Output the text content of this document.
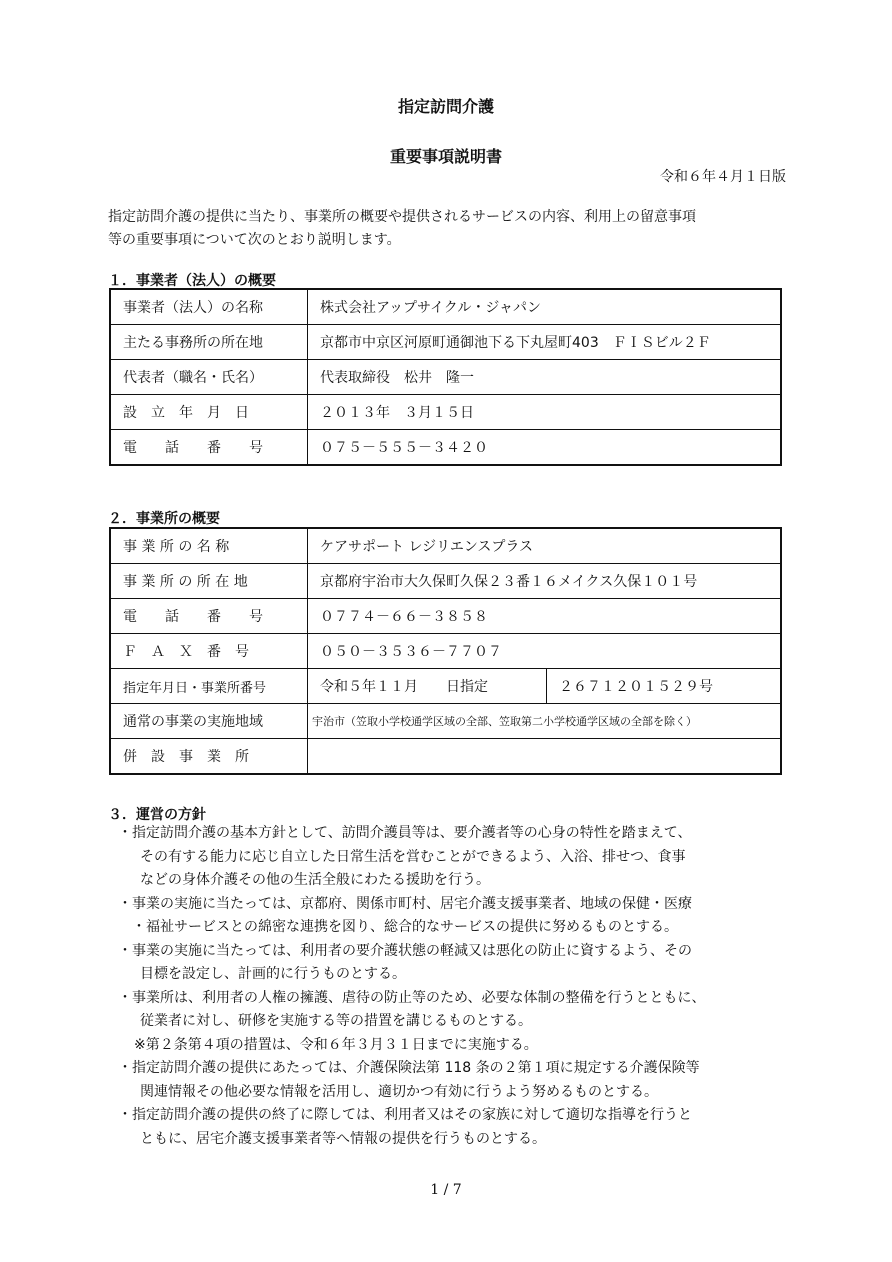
指定訪問介護
重要事項説明書
令和６年４月１日版
指定訪問介護の提供に当たり、事業所の概要や提供されるサービスの内容、利用上の留意事項
等の重要事項について次のとおり説明します。
１．事業者（法人）の概要
事業者（法人）の名称	株式会社アップサイクル・ジャパン
主たる事務所の所在地	京都市中京区河原町通御池下る下丸屋町403　ＦＩＳビル２Ｆ
代表者（職名・氏名）	代表取締役　松井　隆一
設　立　年　月　日	２０１３年　３月１５日
電　　話　　番　　号	０７５－５５５－３４２０
２．事業所の概要
事 業 所 の 名 称	ケアサポート レジリエンスプラス	
事 業 所 の 所 在 地	京都府宇治市大久保町久保２３番１６メイクス久保１０１号	
電　　話　　番　　号	０７７４－６６－３８５８	
Ｆ　Ａ　Ｘ　番　号	０５０－３５３６－７７０７	
指定年月日・事業所番号	令和５年１１月　　日指定	２６７１２０１５２９号
通常の事業の実施地域	宇治市（笠取小学校通学区域の全部、笠取第二小学校通学区域の全部を除く）	
併　設　事　業　所		
３．運営の方針
・指定訪問介護の基本方針として、訪問介護員等は、要介護者等の心身の特性を踏まえて、
その有する能力に応じ自立した日常生活を営むことができるよう、入浴、排せつ、食事
などの身体介護その他の生活全般にわたる援助を行う。
・事業の実施に当たっては、京都府、関係市町村、居宅介護支援事業者、地域の保健・医療
・福祉サービスとの綿密な連携を図り、総合的なサービスの提供に努めるものとする。
・事業の実施に当たっては、利用者の要介護状態の軽減又は悪化の防止に資するよう、その
目標を設定し、計画的に行うものとする。
・事業所は、利用者の人権の擁護、虐待の防止等のため、必要な体制の整備を行うとともに、
従業者に対し、研修を実施する等の措置を講じるものとする。
※第２条第４項の措置は、令和６年３月３１日までに実施する。
・指定訪問介護の提供にあたっては、介護保険法第 118 条の２第１項に規定する介護保険等
関連情報その他必要な情報を活用し、適切かつ有効に行うよう努めるものとする。
・指定訪問介護の提供の終了に際しては、利用者又はその家族に対して適切な指導を行うと
ともに、居宅介護支援事業者等へ情報の提供を行うものとする。
1 / 7
